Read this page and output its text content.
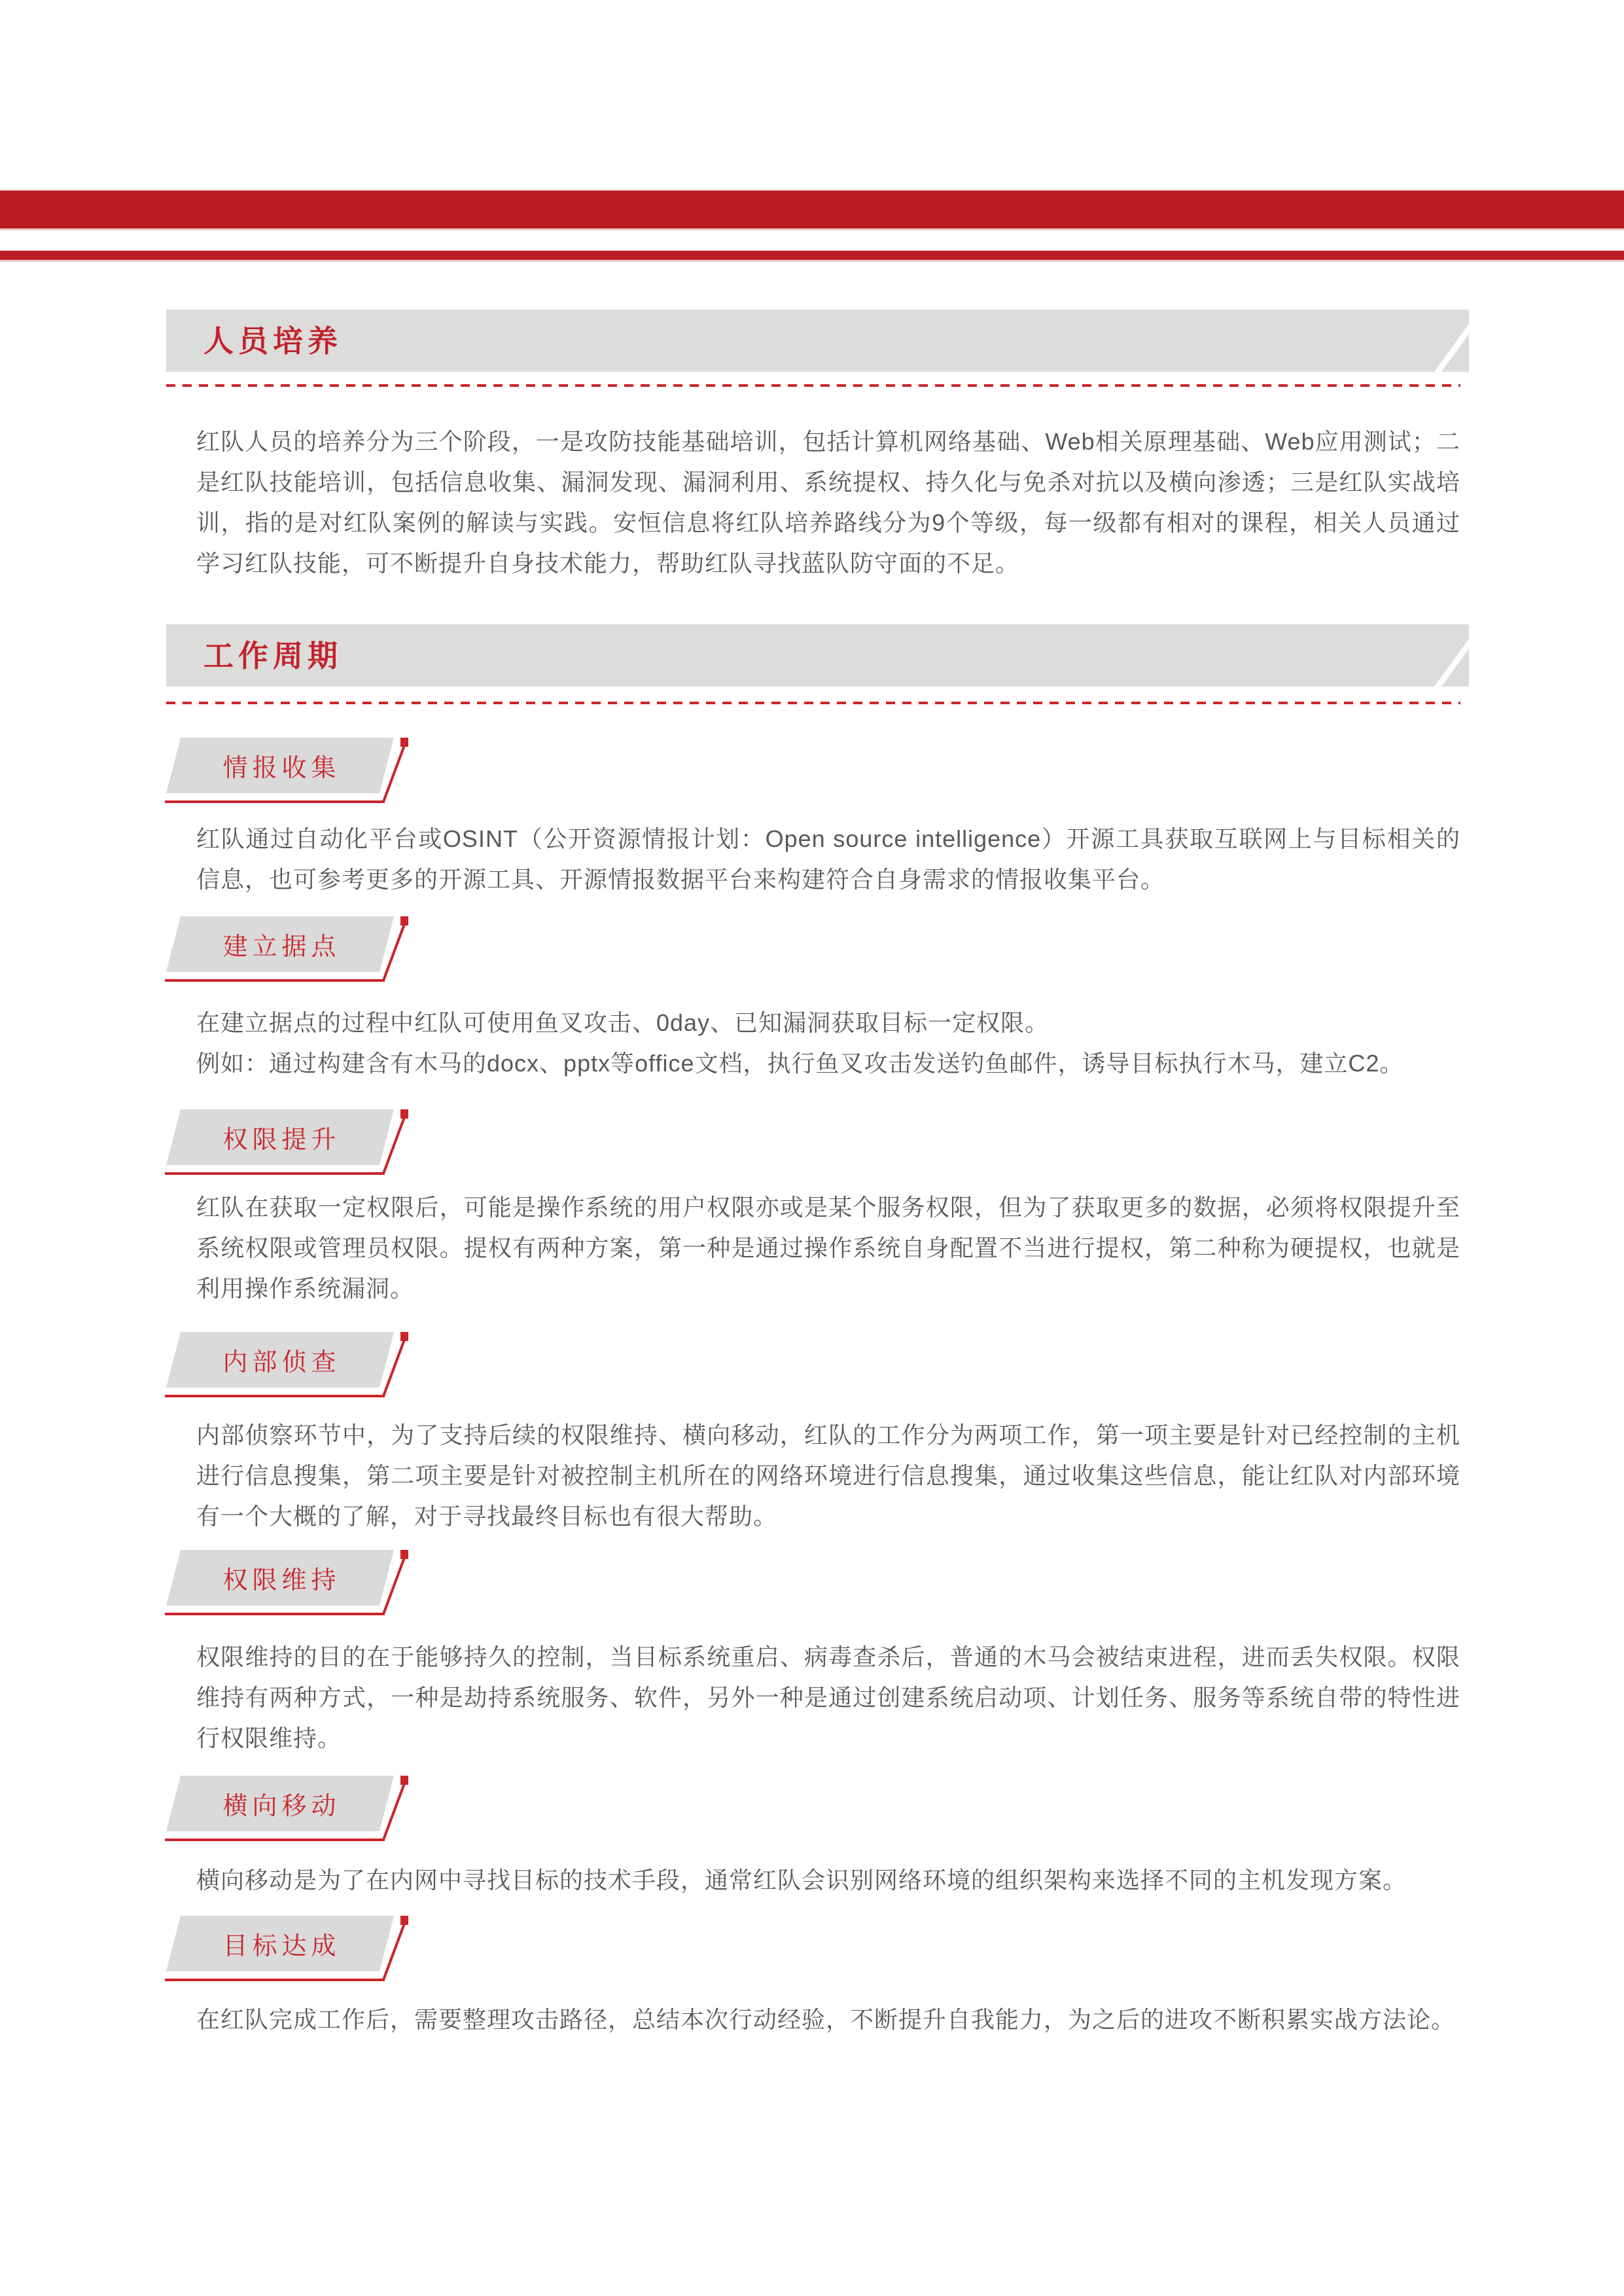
人员培养

红队人员的培养分为三个阶段，一是攻防技能基础培训，包括计算机网络基础、Web相关原理基础、Web应用测试；二是红队技能培训，包括信息收集、漏洞发现、漏洞利用、系统提权、持久化与免杀对抗以及横向渗透；三是红队实战培训，指的是对红队案例的解读与实践。安恒信息将红队培养路线分为9个等级，每一级都有相对的课程，相关人员通过学习红队技能，可不断提升自身技术能力，帮助红队寻找蓝队防守面的不足。

工作周期
情报收集

红队通过自动化平台或OSINT（公开资源情报计划：Open source intelligence）开源工具获取互联网上与目标相关的信息，也可参考更多的开源工具、开源情报数据平台来构建符合自身需求的情报收集平台。

建立据点

在建立据点的过程中红队可使用鱼叉攻击、0day、已知漏洞获取目标一定权限。

例如：通过构建含有木马的docx、pptx等office文档，执行鱼叉攻击发送钓鱼邮件，诱导目标执行木马，建立C2。

权限提升

红队在获取一定权限后，可能是操作系统的用户权限亦或是某个服务权限，但为了获取更多的数据，必须将权限提升至系统权限或管理员权限。提权有两种方案，第一种是通过操作系统自身配置不当进行提权，第二种称为硬提权，也就是利用操作系统漏洞。

内部侦查

内部侦察环节中，为了支持后续的权限维持、横向移动，红队的工作分为两项工作，第一项主要是针对已经控制的主机进行信息搜集，第二项主要是针对被控制主机所在的网络环境进行信息搜集，通过收集这些信息，能让红队对内部环境有一个大概的了解，对于寻找最终目标也有很大帮助。

权限维持

权限维持的目的在于能够持久的控制，当目标系统重启、病毒查杀后，普通的木马会被结束进程，进而丢失权限。权限维持有两种方式，一种是劫持系统服务、软件，另外一种是通过创建系统启动项、计划任务、服务等系统自带的特性进行权限维持。

横向移动

横向移动是为了在内网中寻找目标的技术手段，通常红队会识别网络环境的组织架构来选择不同的主机发现方案。

目标达成

在红队完成工作后，需要整理攻击路径，总结本次行动经验，不断提升自我能力，为之后的进攻不断积累实战方法论。
